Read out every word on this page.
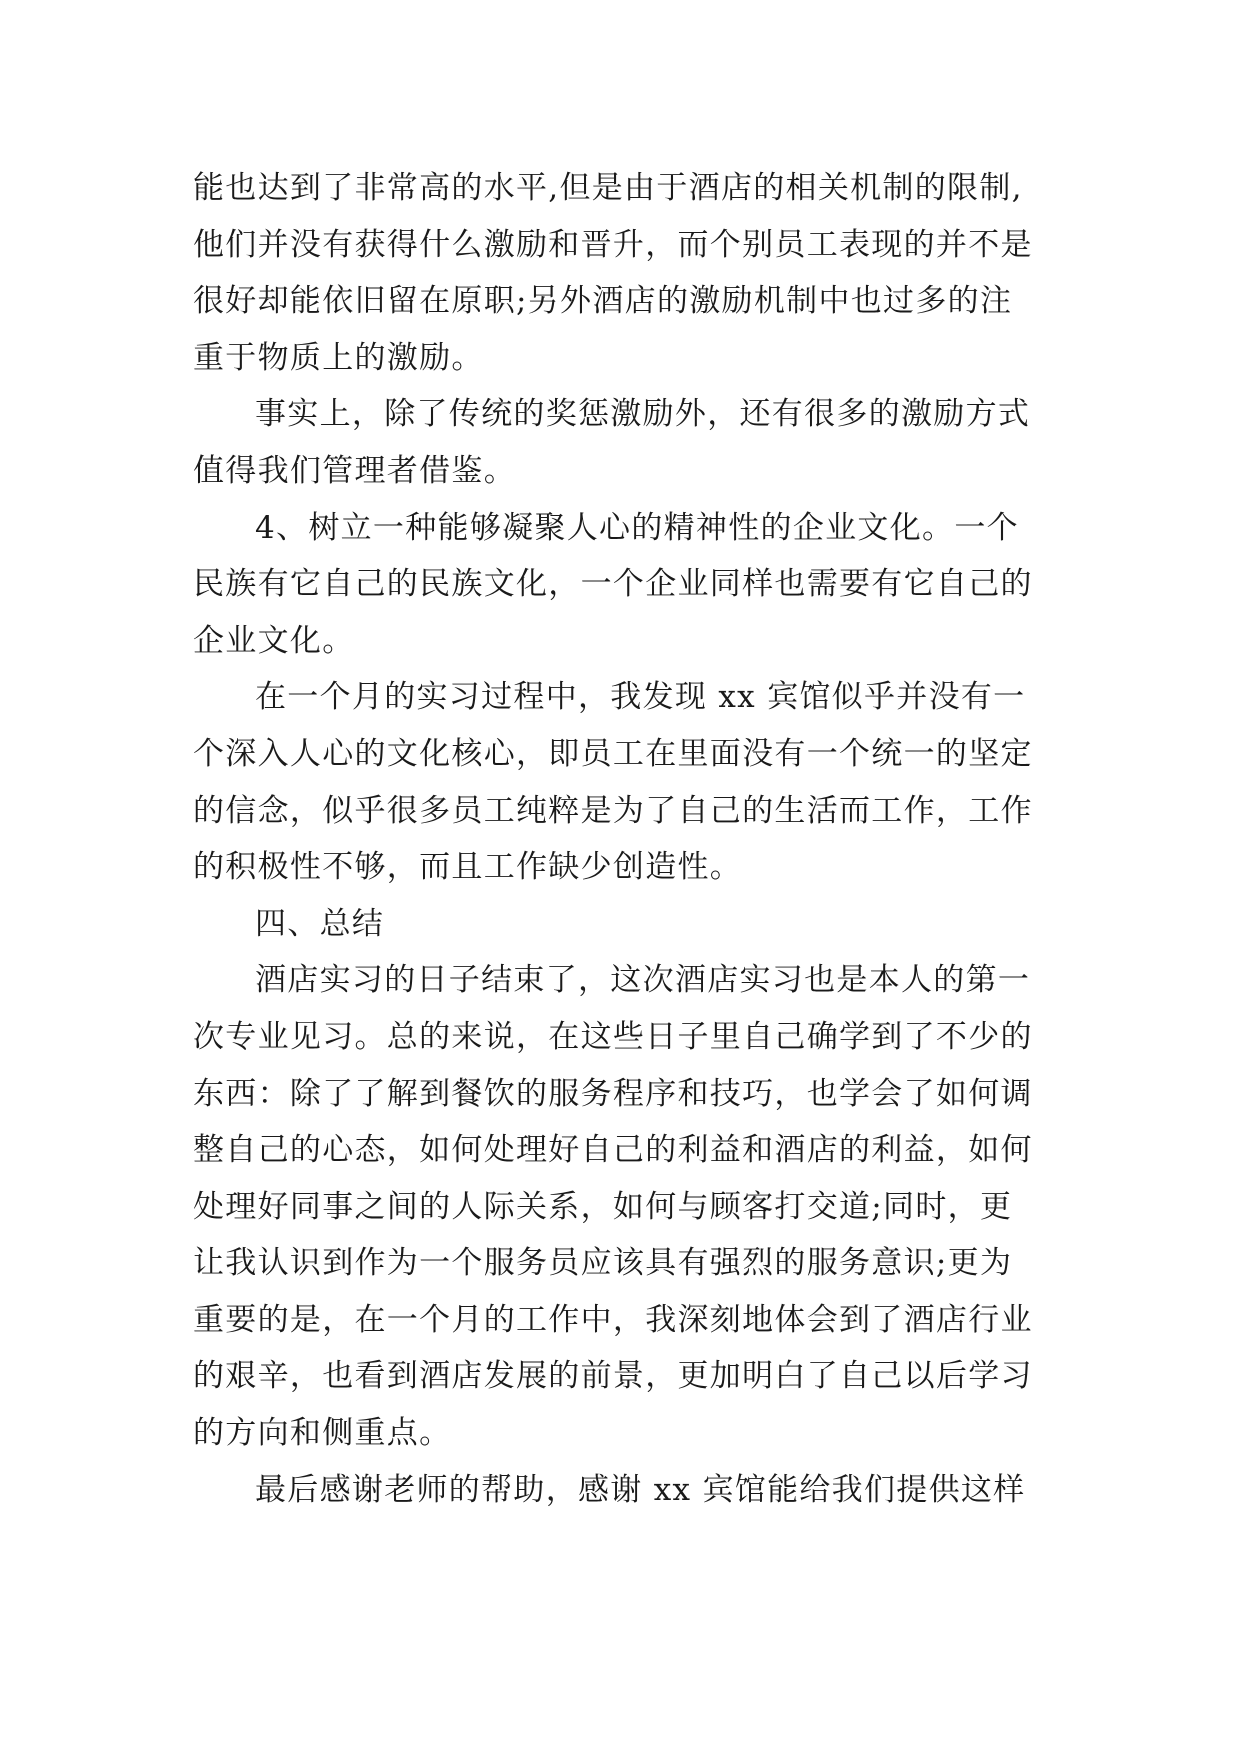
能也达到了非常高的水平,但是由于酒店的相关机制的限制,
他们并没有获得什么激励和晋升，而个别员工表现的并不是
很好却能依旧留在原职;另外酒店的激励机制中也过多的注
重于物质上的激励。
事实上，除了传统的奖惩激励外，还有很多的激励方式
值得我们管理者借鉴。
4、树立一种能够凝聚人心的精神性的企业文化。一个
民族有它自己的民族文化，一个企业同样也需要有它自己的
企业文化。
在一个月的实习过程中，我发现 xx 宾馆似乎并没有一
个深入人心的文化核心，即员工在里面没有一个统一的坚定
的信念，似乎很多员工纯粹是为了自己的生活而工作，工作
的积极性不够，而且工作缺少创造性。
四、总结
酒店实习的日子结束了，这次酒店实习也是本人的第一
次专业见习。总的来说，在这些日子里自己确学到了不少的
东西：除了了解到餐饮的服务程序和技巧，也学会了如何调
整自己的心态，如何处理好自己的利益和酒店的利益，如何
处理好同事之间的人际关系，如何与顾客打交道;同时，更
让我认识到作为一个服务员应该具有强烈的服务意识;更为
重要的是，在一个月的工作中，我深刻地体会到了酒店行业
的艰辛，也看到酒店发展的前景，更加明白了自己以后学习
的方向和侧重点。
最后感谢老师的帮助，感谢 xx 宾馆能给我们提供这样
